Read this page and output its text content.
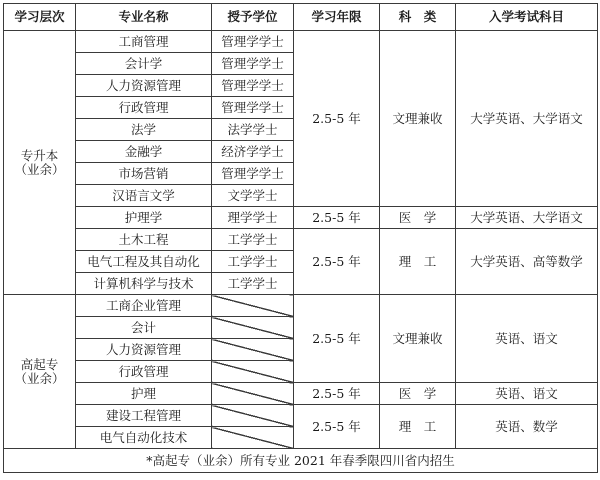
学习层次	专业名称	授予学位	学习年限	科　类	入学考试科目

专升本
（业余）	工商管理	管理学学士	2.5-5 年	文理兼收	大学英语、大学语文
	会计学	管理学学士			
	人力资源管理	管理学学士			
	行政管理	管理学学士			
	法学	法学学士			
	金融学	经济学学士			
	市场营销	管理学学士			
	汉语言文学	文学学士			
	护理学	理学学士	2.5-5 年	医　学	大学英语、大学语文
	土木工程	工学学士	2.5-5 年	理　工	大学英语、高等数学
	电气工程及其自动化	工学学士			
	计算机科学与技术	工学学士			

高起专
（业余）	工商企业管理		2.5-5 年	文理兼收	英语、语文
	会计				
	人力资源管理				
	行政管理				
	护理		2.5-5 年	医　学	英语、语文
	建设工程管理		2.5-5 年	理　工	英语、数学
	电气自动化技术				
*高起专（业余）所有专业 2021 年春季限四川省内招生					
